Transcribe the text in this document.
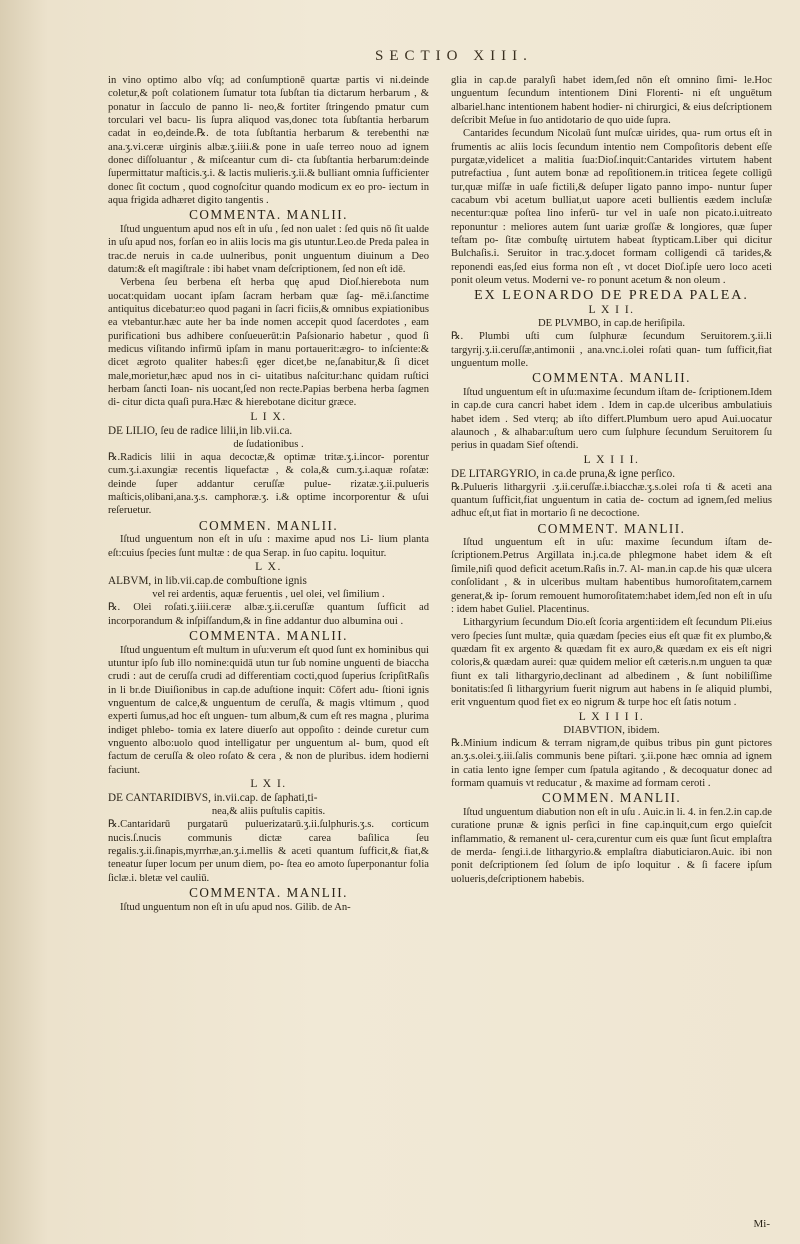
SECTIO XIII.

in vino optimo albo vſq; ad conſumptionē quartæ partis vi ni.deinde coletur,& poſt colationem ſumatur tota ſubſtan tia dictarum herbarum , & ponatur in ſacculo de panno li- neo,& fortiter ſtringendo pmatur cum torculari vel bacu- lis ſupra aliquod vas,donec tota ſubſtantia herbarum cadat in eo,deinde.℞. de tota ſubſtantia herbarum & terebenthi næ ana.ʒ.vi.ceræ uirginis albæ.ʒ.iiii.& pone in uaſe terreo nouo ad ignem donec diſſoluantur , & miſceantur cum di- cta ſubſtantia herbarum:deinde ſupermittatur maſticis.ʒ.i. & lactis mulieris.ʒ.ii.& bulliant omnia ſufficienter donec ſit coctum , quod cognoſcitur quando modicum ex eo pro- iectum in aqua frigida adhæret digito tangentis .

COMMENTA. MANLII.

Iſtud unguentum apud nos eſt in uſu , ſed non ualet : ſed quis nō ſit ualde in uſu apud nos, forſan eo in aliis locis ma gis utuntur.Leo.de Preda palea in trac.de neruis in ca.de uulneribus, ponit unguentum diuinum a Deo datum:& eſt magiſtrale : ibi habet vnam deſcriptionem, ſed non eſt idē.

Verbena ſeu berbena eſt herba quę apud Dioſ.hierebota num uocat:quidam uocant ipſam ſacram herbam quæ ſag- mē.i.ſanctime antiquitus dicebatur:eo quod pagani in ſacri ficiis,& omnibus expiationibus ea vtebantur.hæc aute her ba inde nomen accepit quod ſacerdotes , eam purificationi bus adhibere conſueuerūt:in Paſsionario habetur , quod ſi medicus viſitando infirmū ipſam in manu portauerit:ægro- to inſciente:& dicet ægroto qualiter habes:ſi ęger dicet,be ne,ſanabitur,& ſi dicet male,morietur,hæc apud nos in ci- uitatibus naſcitur:hanc quidam ruſtici herbam ſancti Ioan- nis uocant,ſed non recte.Papias berbena herba ſagmen di- citur dicta quaſi pura.Hæc & hierebotane dicitur græce.

L I X.

DE LILIO, ſeu de radice lilii,in lib.vii.ca.

de ſudationibus .

℞.Radicis lilii in aqua decoctæ,& optimæ tritæ.ʒ.i.incor- porentur cum.ʒ.i.axungiæ recentis liquefactæ , & cola,& cum.ʒ.i.aquæ roſatæ: deinde ſuper addantur ceruſſæ pulue- rizatæ.ʒ.ii.pulueris maſticis,olibani,ana.ʒ.s. camphoræ.ʒ. i.& optime incorporentur & uſui reſeruetur.

COMMEN. MANLII.

Iſtud unguentum non eſt in uſu : maxime apud nos Li- lium planta eſt:cuius ſpecies ſunt multæ : de qua Serap. in ſuo capitu. loquitur.

L X.

ALBVM, in lib.vii.cap.de combuſtione ignis

vel rei ardentis, aquæ feruentis , uel olei, vel ſimilium .

℞. Olei roſati.ʒ.iiii.ceræ albæ.ʒ.ii.ceruſſæ quantum ſufficit ad incorporandum & inſpiſſandum,& in fine addantur duo albumina oui .

COMMENTA. MANLII.

Iſtud unguentum eſt multum in uſu:verum eſt quod ſunt ex hominibus qui utuntur ipſo ſub illo nomine:quidā utun tur ſub nomine unguenti de biaccha crudi : aut de ceruſſa crudi ad differentiam cocti,quod ſuperius ſcripſitRaſis in li br.de Diuiſionibus in cap.de aduſtione inquit: Cōfert adu- ſtioni ignis vnguentum de calce,& unguentum de ceruſſa, & magis vltimum , quod experti ſumus,ad hoc eſt unguen- tum album,& cum eſt res magna , plurima indiget phlebo- tomia ex latere diuerſo aut oppoſito : deinde curetur cum vnguento albo:uolo quod intelligatur per unguentum al- bum, quod eſt factum de ceruſſa & oleo roſato & cera , & non de pluribus. idem hodierni faciunt.

L X I.

DE CANTARIDIBVS, in.vii.cap. de ſaphati,ti-

nea,& aliis puſtulis capitis.

℞.Cantaridarū purgatarū puluerizatarū.ʒ.ii.ſulphuris.ʒ.s. corticum nucis.ſ.nucis communis dictæ carea baſilica ſeu regalis.ʒ.ii.ſinapis,myrrhæ,an.ʒ.i.mellis & aceti quantum ſufficit,& fiat,& teneatur ſuper locum per unum diem, po- ſtea eo amoto ſuperponantur folia ſiclæ.i. bletæ vel cauliū.

COMMENTA. MANLII.

Iſtud unguentum non eſt in uſu apud nos. Gilib. de An-

glia in cap.de paralyſi habet idem,ſed nōn eſt omnino ſimi- le.Hoc unguentum ſecundum intentionem Dini Florenti- ni eſt unguētum albariel.hanc intentionem habent hodier- ni chirurgici, & eius deſcriptionem deſcribit Meſue in ſuo antidotario de quo uide ſupra.

Cantarides ſecundum Nicolaū ſunt muſcæ uirides, qua- rum ortus eſt in frumentis ac aliis locis ſecundum intentio nem Compoſitoris debent eſſe purgatæ,videlicet a malitia ſua:Dioſ.inquit:Cantarides virtutem habent putrefactiua , ſunt autem bonæ ad repoſitionem.in triticea ſegete colligū tur,quæ miſſæ in uaſe fictili,& deſuper ligato panno impo- nuntur ſuper cacabum vbi acetum bulliat,ut uapore aceti bullientis eædem incluſæ necentur:quæ poſtea lino inferū- tur vel in uaſe non picato.i.uitreato reponuntur : meliores autem ſunt uariæ groſſæ & longiores, quæ ſuper teſtam po- ſitæ combuſtę uirtutem habeat ſtypticam.Liber qui dicitur Bulchaſis.i. Seruitor in trac.ʒ.docet formam colligendi cā tarides,& reponendi eas,ſed eius forma non eſt , vt docet Dioſ.ipſe uero loco aceti ponit oleum vetus. Moderni ve- ro ponunt acetum & non oleum .

EX LEONARDO DE PREDA PALEA.
L X I I.

DE PLVMBO, in cap.de heriſipila.

℞. Plumbi uſti cum ſulphuræ ſecundum Seruitorem.ʒ.ii.li targyrij.ʒ.ii.ceruſſæ,antimonii , ana.vnc.i.olei roſati quan- tum ſufficit,fiat unguentum molle.

COMMENTA. MANLII.

Iſtud unguentum eſt in uſu:maxime ſecundum iſtam de- ſcriptionem.Idem in cap.de cura cancri habet idem . Idem in cap.de ulceribus ambulatiuis habet idem . Sed vterq; ab iſto differt.Plumbum uero apud Aui.uocatur alaunoch , & alhabar:uſtum uero cum ſulphure ſecundum Seruitorem ſu perius in quadam Sief oſtendi.

L X I I I.

DE LITARGYRIO, in ca.de pruna,& igne perſico.

℞.Pulueris lithargyrii .ʒ.ii.ceruſſæ.i.biacchæ.ʒ.s.olei roſa ti & aceti ana quantum ſufficit,fiat unguentum in catia de- coctum ad ignem,ſed melius adhuc eſt,ut fiat in mortario ſi ne decoctione.

COMMENT. MANLII.

Iſtud unguentum eſt in uſu: maxime ſecundum iſtam de- ſcriptionem.Petrus Argillata in.j.ca.de phlegmone habet idem & eſt ſimile,niſi quod deficit acetum.Raſis in.7. Al- man.in cap.de his quæ ulcera conſolidant , & in ulceribus multam habentibus humoroſitatem,carnem generat,& ip- ſorum remouent humoroſitatem:habet idem,ſed non eſt in uſu : idem habet Guliel. Placentinus.

Lithargyrium ſecundum Dio.eſt ſcoria argenti:idem eſt ſecundum Pli.eius vero ſpecies ſunt multæ, quia quædam ſpecies eius eſt quæ fit ex plumbo,& quædam fit ex argento & quædam fit ex auro,& quædam ex eis eſt nigri coloris,& quædam aurei: quæ quidem melior eſt cæteris.n.m unguen ta quæ fiunt ex tali lithargyrio,declinant ad albedinem , & ſunt nobiliſſime bonitatis:ſed ſi lithargyrium fuerit nigrum aut habens in ſe aliquid plumbi, erit vnguentum quod fiet ex eo nigrum & turpe hoc eſt ſatis notum .

L X I I I I.

DIABVTION, ibidem.

℞.Minium indicum & terram nigram,de quibus tribus pin gunt pictores an.ʒ.s.olei.ʒ.iii.ſalis communis bene piſtari. ʒ.ii.pone hæc omnia ad ignem in catia lento igne ſemper cum ſpatula agitando , & decoquatur donec ad formam quamuis vt reducatur , & maxime ad formam ceroti .

COMMEN. MANLII.

Iſtud unguentum diabution non eſt in uſu . Auic.in li. 4. in fen.2.in cap.de curatione prunæ & ignis perſici in fine cap.inquit,cum ergo quieſcit inflammatio, & remanent ul- cera,curentur cum eis quæ ſunt ſicut emplaſtra de merda- ſengi.i.de lithargyrio.& emplaſtra diabuticiaron.Auic. ibi non ponit deſcriptionem ſed ſolum de ipſo loquitur . & ſi facere ipſum uolueris,deſcriptionem habebis.

Mi-
